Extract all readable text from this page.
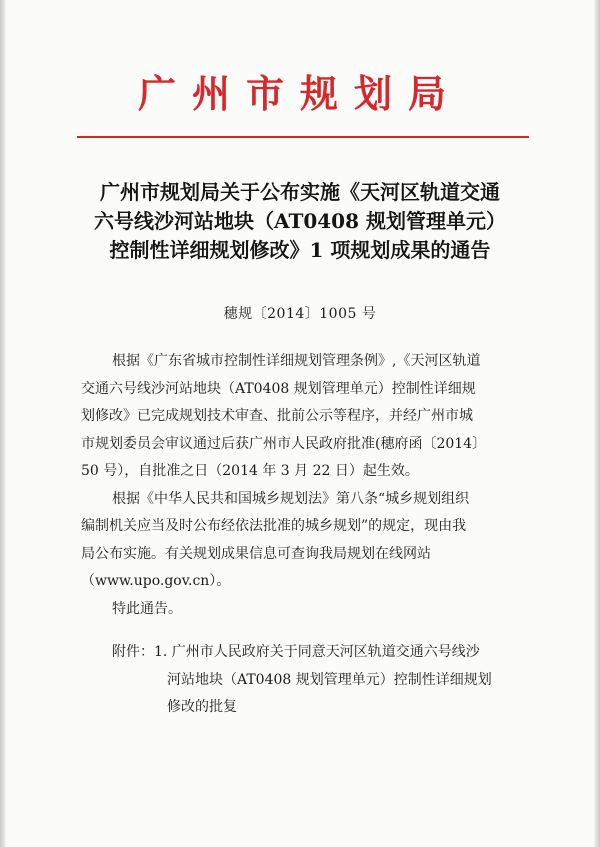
广州市规划局
广州市规划局关于公布实施《天河区轨道交通
六号线沙河站地块（AT0408 规划管理单元）
控制性详细规划修改》1 项规划成果的通告
穗规〔2014〕1005 号
根据《广东省城市控制性详细规划管理条例》,《天河区轨道
交通六号线沙河站地块（AT0408 规划管理单元）控制性详细规
划修改》已完成规划技术审查、批前公示等程序，并经广州市城
市规划委员会审议通过后获广州市人民政府批准(穗府函〔2014〕
50 号），自批准之日（2014 年 3 月 22 日）起生效。
根据《中华人民共和国城乡规划法》第八条“城乡规划组织
编制机关应当及时公布经依法批准的城乡规划”的规定，现由我
局公布实施。有关规划成果信息可查询我局规划在线网站
（www.upo.gov.cn）。
特此通告。
附件：1. 广州市人民政府关于同意天河区轨道交通六号线沙
河站地块（AT0408 规划管理单元）控制性详细规划
修改的批复
